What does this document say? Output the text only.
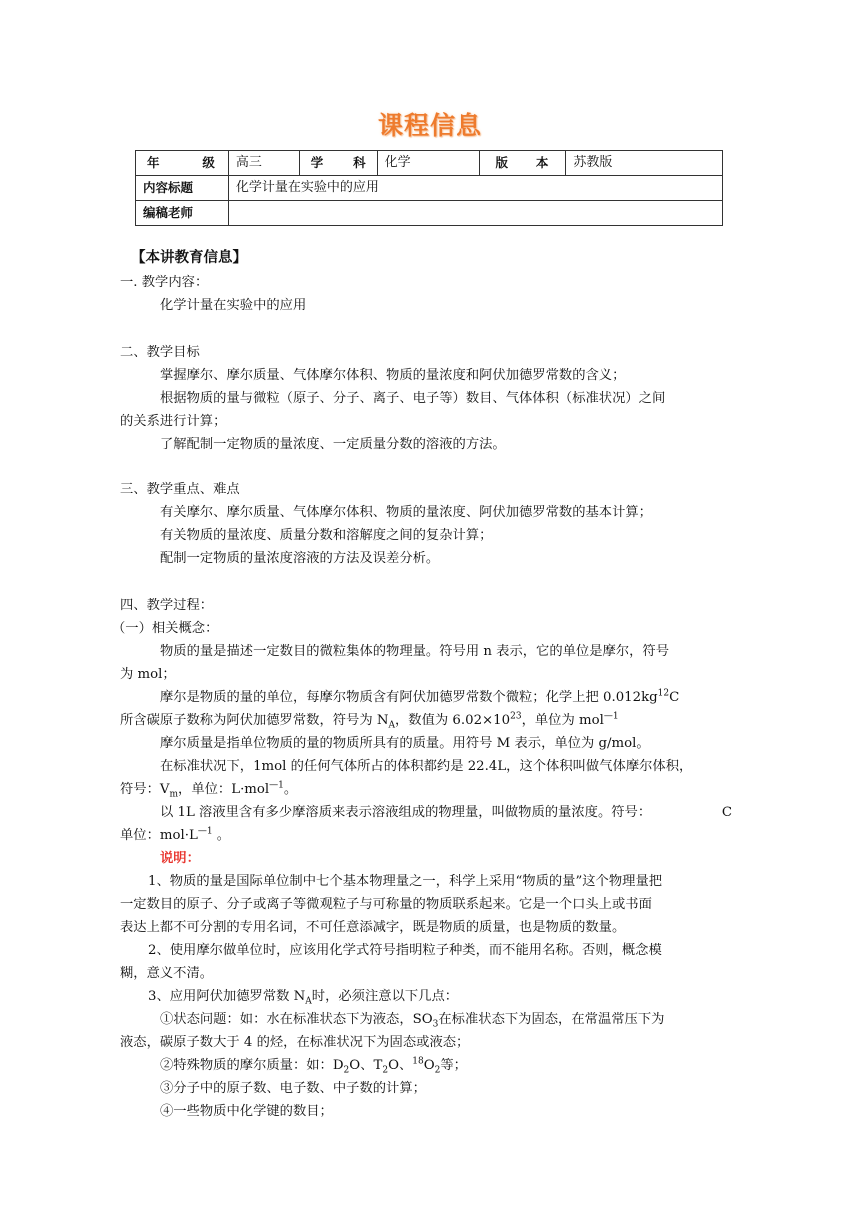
课程信息
年 级	高三	学 科	化学	版 本	苏教版
内容标题	化学计量在实验中的应用				
编稿老师					
【本讲教育信息】
一. 教学内容：
化学计量在实验中的应用
二、教学目标
掌握摩尔、摩尔质量、气体摩尔体积、物质的量浓度和阿伏加德罗常数的含义；
根据物质的量与微粒（原子、分子、离子、电子等）数目、气体体积（标准状况）之间
的关系进行计算；
了解配制一定物质的量浓度、一定质量分数的溶液的方法。
三、教学重点、难点
有关摩尔、摩尔质量、气体摩尔体积、物质的量浓度、阿伏加德罗常数的基本计算；
有关物质的量浓度、质量分数和溶解度之间的复杂计算；
配制一定物质的量浓度溶液的方法及误差分析。
四、教学过程：
（一）相关概念：
物质的量是描述一定数目的微粒集体的物理量。符号用 n 表示，它的单位是摩尔，符号
为 mol；
摩尔是物质的量的单位，每摩尔物质含有阿伏加德罗常数个微粒；化学上把 $0.012kg^{12}C$
所含碳原子数称为阿伏加德罗常数，符号为 $N_A$，数值为 $6.02\times 10^{23}$，单位为 mol$^{—1}$
摩尔质量是指单位物质的量的物质所具有的质量。用符号 M 表示，单位为 g/mol。
在标准状况下，1mol 的任何气体所占的体积都约是 22.4L，这个体积叫做气体摩尔体积，
符号：$V_m$，单位：L·mol$^{—1}$。
以 1L 溶液里含有多少摩溶质来表示溶液组成的物理量，叫做物质的量浓度。符号：	C
单位：$mol\cdot L^{—1}$ 。
说明：
1、物质的量是国际单位制中七个基本物理量之一，科学上采用“物质的量”这个物理量把
一定数目的原子、分子或离子等微观粒子与可称量的物质联系起来。它是一个口头上或书面
表达上都不可分割的专用名词，不可任意添减字，既是物质的质量，也是物质的数量。
2、使用摩尔做单位时，应该用化学式符号指明粒子种类，而不能用名称。否则，概念模
糊，意义不清。
3、应用阿伏加德罗常数 $N_A$时，必须注意以下几点：
①状态问题：如：水在标准状态下为液态，$SO_3$在标准状态下为固态，在常温常压下为
液态，碳原子数大于 4 的烃，在标准状况下为固态或液态；
②特殊物质的摩尔质量：如：$D_2O$、$T_2O$、$^{18}O_2$等；
③分子中的原子数、电子数、中子数的计算；
④一些物质中化学键的数目；
